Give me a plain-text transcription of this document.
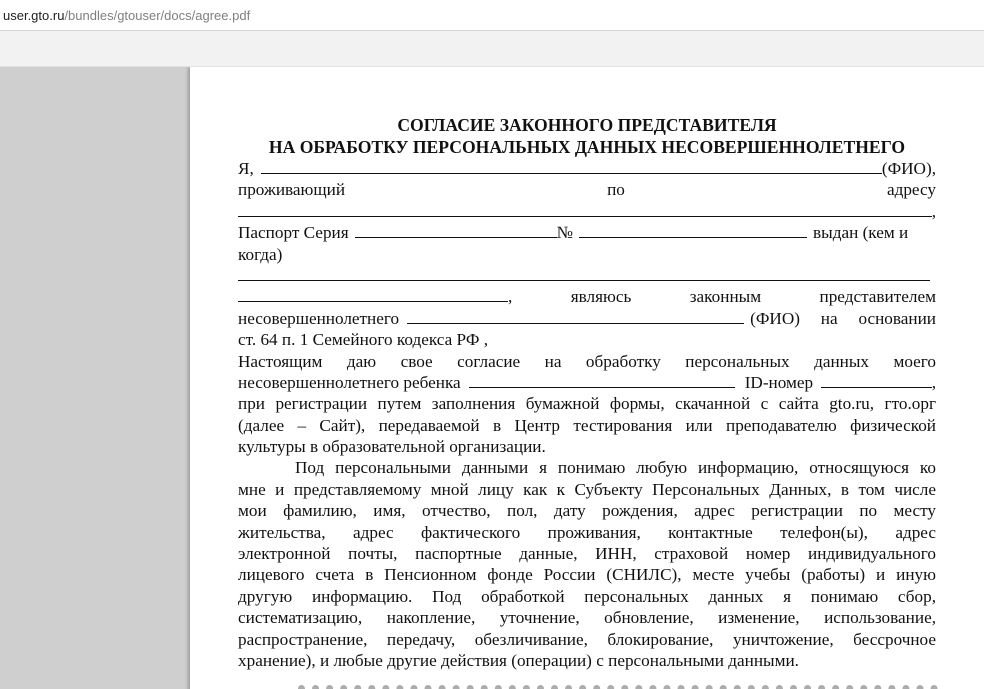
user.gto.ru/bundles/gtouser/docs/agree.pdf
СОГЛАСИЕ ЗАКОННОГО ПРЕДСТАВИТЕЛЯ
НА ОБРАБОТКУ ПЕРСОНАЛЬНЫХ ДАННЫХ НЕСОВЕРШЕННОЛЕТНЕГО
Я,	(ФИО),
проживающий	по	адресу
,
Паспорт Серия	№	выдан (кем и
когда)
,	являюсь	законным	представителем
несовершеннолетнего	(ФИО) на основании
ст. 64 п. 1 Семейного кодекса РФ ,
Настоящим даю свое согласие на обработку персональных данных моего
несовершеннолетнего ребенка	ID-номер	,
при регистрации путем заполнения бумажной формы, скачанной с сайта gto.ru, гто.орг
(далее – Сайт), передаваемой в Центр тестирования или преподавателю физической
культуры в образовательной организации.
Под персональными данными я понимаю любую информацию, относящуюся ко
мне и представляемому мной лицу как к Субъекту Персональных Данных, в том числе
мои фамилию, имя, отчество, пол, дату рождения, адрес регистрации по месту
жительства, адрес фактического проживания, контактные телефон(ы), адрес
электронной почты, паспортные данные, ИНН, страховой номер индивидуального
лицевого счета в Пенсионном фонде России (СНИЛС), месте учебы (работы) и иную
другую информацию. Под обработкой персональных данных я понимаю сбор,
систематизацию, накопление, уточнение, обновление, изменение, использование,
распространение, передачу, обезличивание, блокирование, уничтожение, бессрочное
хранение), и любые другие действия (операции) с персональными данными.
